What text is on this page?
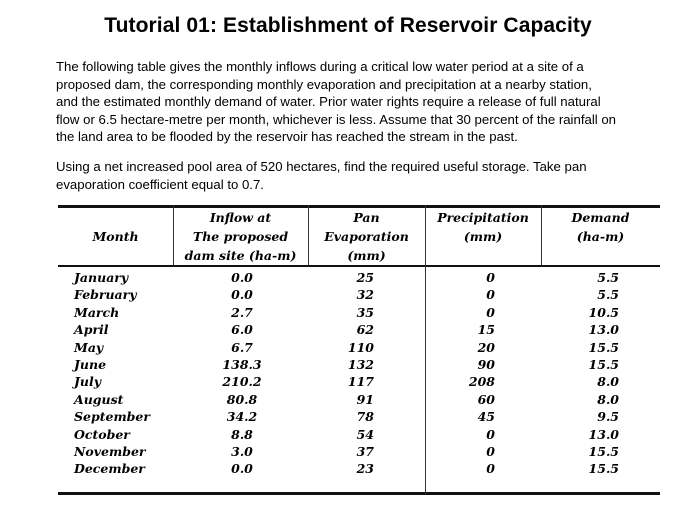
Tutorial 01: Establishment of Reservoir Capacity
The following table gives the monthly inflows during a critical low water period at a site of a
proposed dam, the corresponding monthly evaporation and precipitation at a nearby station,
and the estimated monthly demand of water. Prior water rights require a release of full natural
flow or 6.5 hectare-metre per month, whichever is less. Assume that 30 percent of the rainfall on
the land area to be flooded by the reservoir has reached the stream in the past.
Using a net increased pool area of 520 hectares, find the required useful storage. Take pan
evaporation coefficient equal to 0.7.
Month
Inflow at
The proposed
dam site (ha-m)
Pan
Evaporation
(mm)
Precipitation
(mm)
Demand
(ha-m)
January
February
March
April
May
June
July
August
September
October
November
December
0.0
0.0
2.7
6.0
6.7
138.3
210.2
80.8
34.2
8.8
3.0
0.0
25
32
35
62
110
132
117
91
78
54
37
23
0
0
0
15
20
90
208
60
45
0
0
0
5.5
5.5
10.5
13.0
15.5
15.5
8.0
8.0
9.5
13.0
15.5
15.5
